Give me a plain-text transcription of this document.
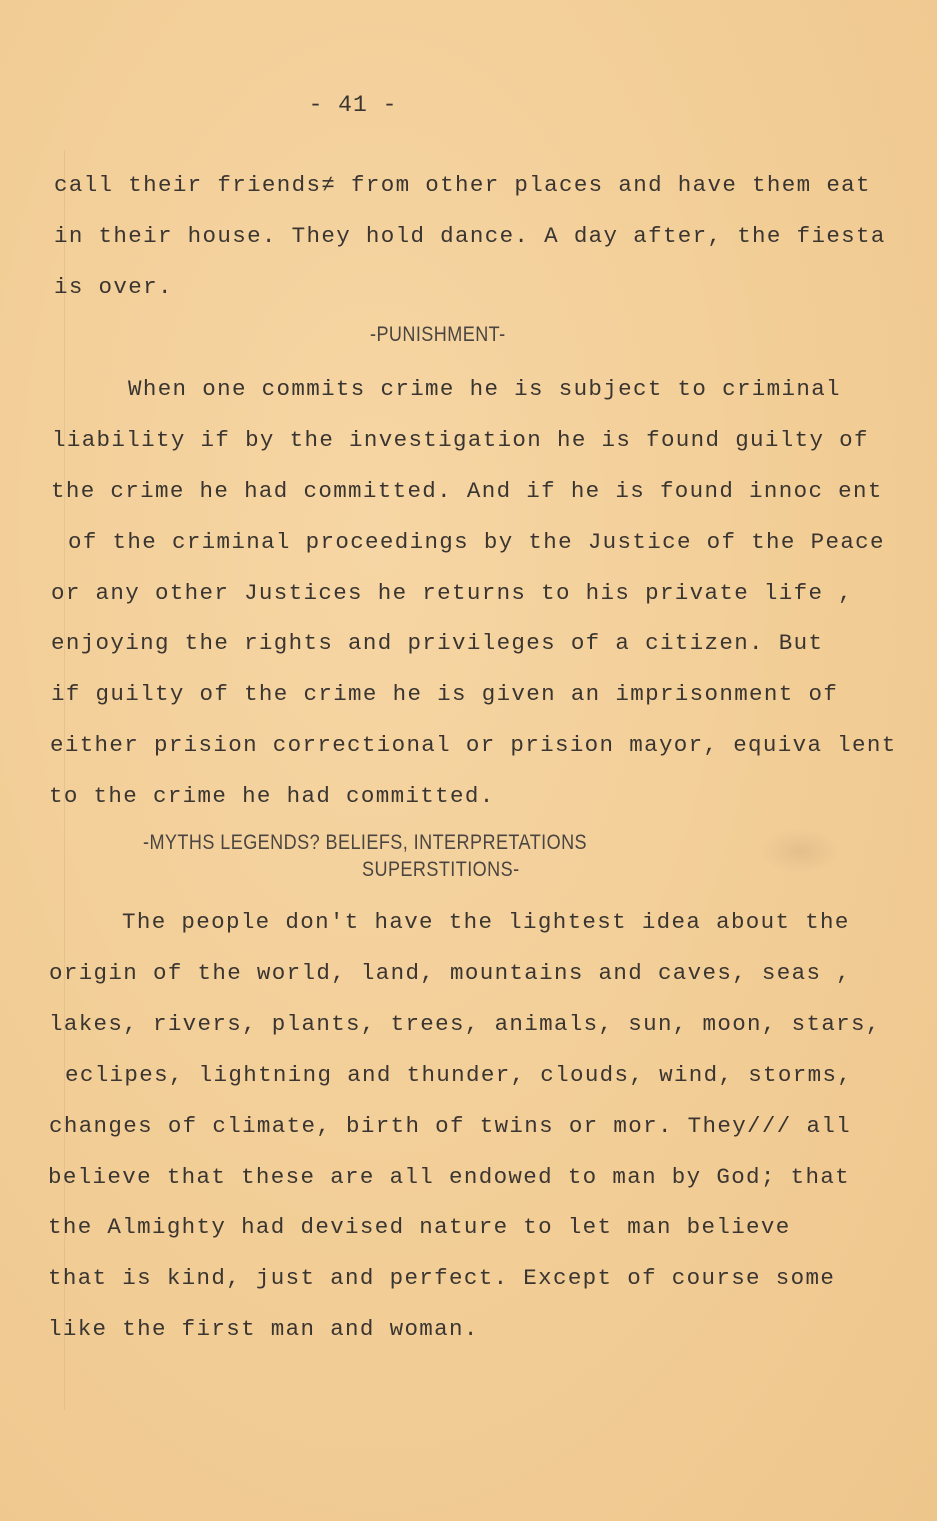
- 41 -
call their friends≠ from other places and have them eat
in their house. They hold dance. A day after, the fiesta
is over.
-PUNISHMENT-
When one commits crime he is subject to criminal
liability if by the investigation he is found guilty of
the crime he had committed. And if he is found innoc ent
of the criminal proceedings by the Justice of the Peace
or any other Justices he returns to his private life ,
enjoying the rights and privileges of a citizen. But
if guilty of the crime he is given an imprisonment of
either prision correctional or prision mayor, equiva lent
to the crime he had committed.
-MYTHS LEGENDS? BELIEFS, INTERPRETATIONS
SUPERSTITIONS-
The people don't have the lightest idea about the
origin of the world, land, mountains and caves, seas ,
lakes, rivers, plants, trees, animals, sun, moon, stars,
eclipes, lightning and thunder, clouds, wind, storms,
changes of climate, birth of twins or mor. They/// all
believe that these are all endowed to man by God; that
the Almighty had devised nature to let man believe
that is kind, just and perfect. Except of course some
like the first man and woman.
